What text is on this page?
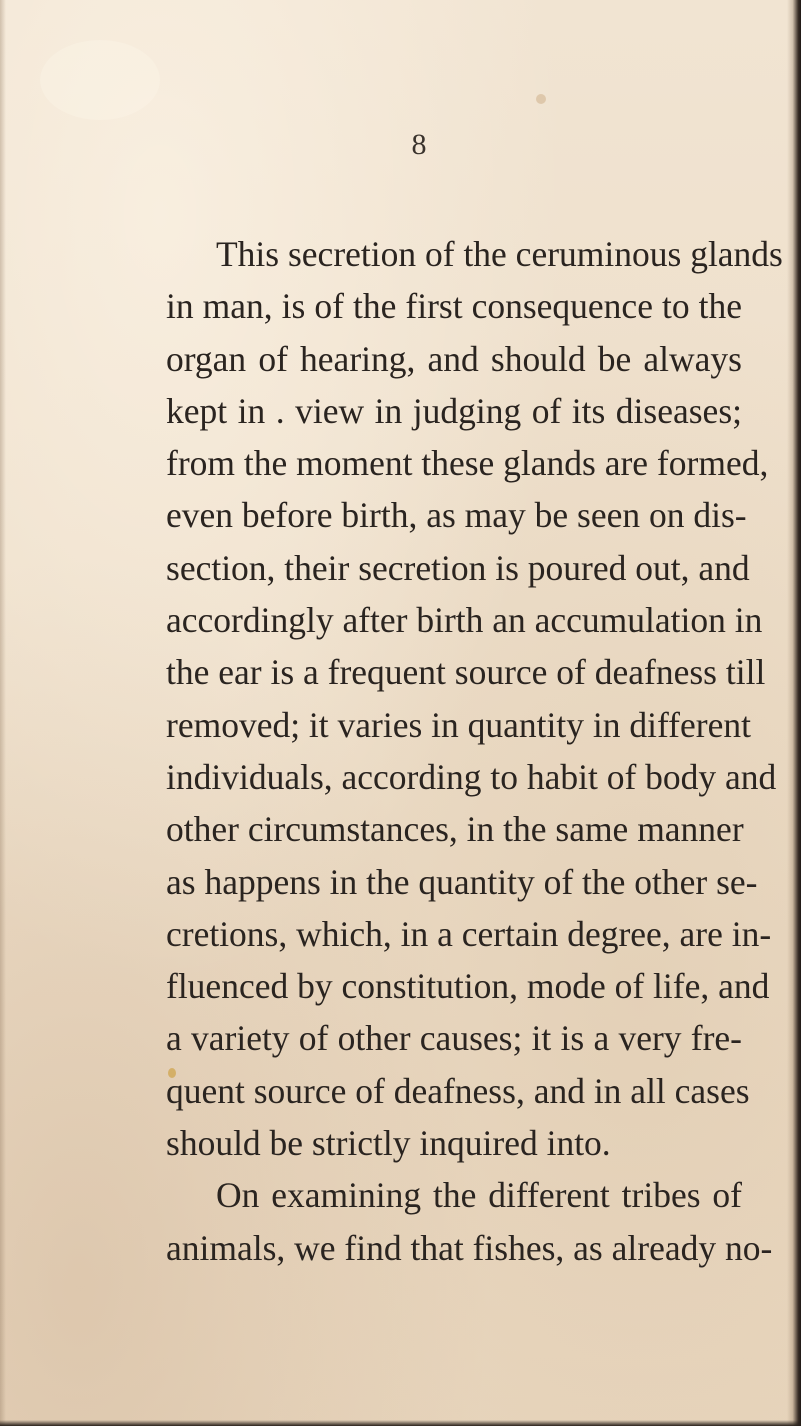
8
This secretion of the ceruminous glands
in man, is of the first consequence to the
organ of hearing, and should be always
kept in . view in judging of its diseases;
from the moment these glands are formed,
even before birth, as may be seen on dis-
section, their secretion is poured out, and
accordingly after birth an accumulation in
the ear is a frequent source of deafness till
removed; it varies in quantity in different
individuals, according to habit of body and
other circumstances, in the same manner
as happens in the quantity of the other se-
cretions, which, in a certain degree, are in-
fluenced by constitution, mode of life, and
a variety of other causes; it is a very fre-
quent source of deafness, and in all cases
should be strictly inquired into.
On examining the different tribes of
animals, we find that fishes, as already no-
